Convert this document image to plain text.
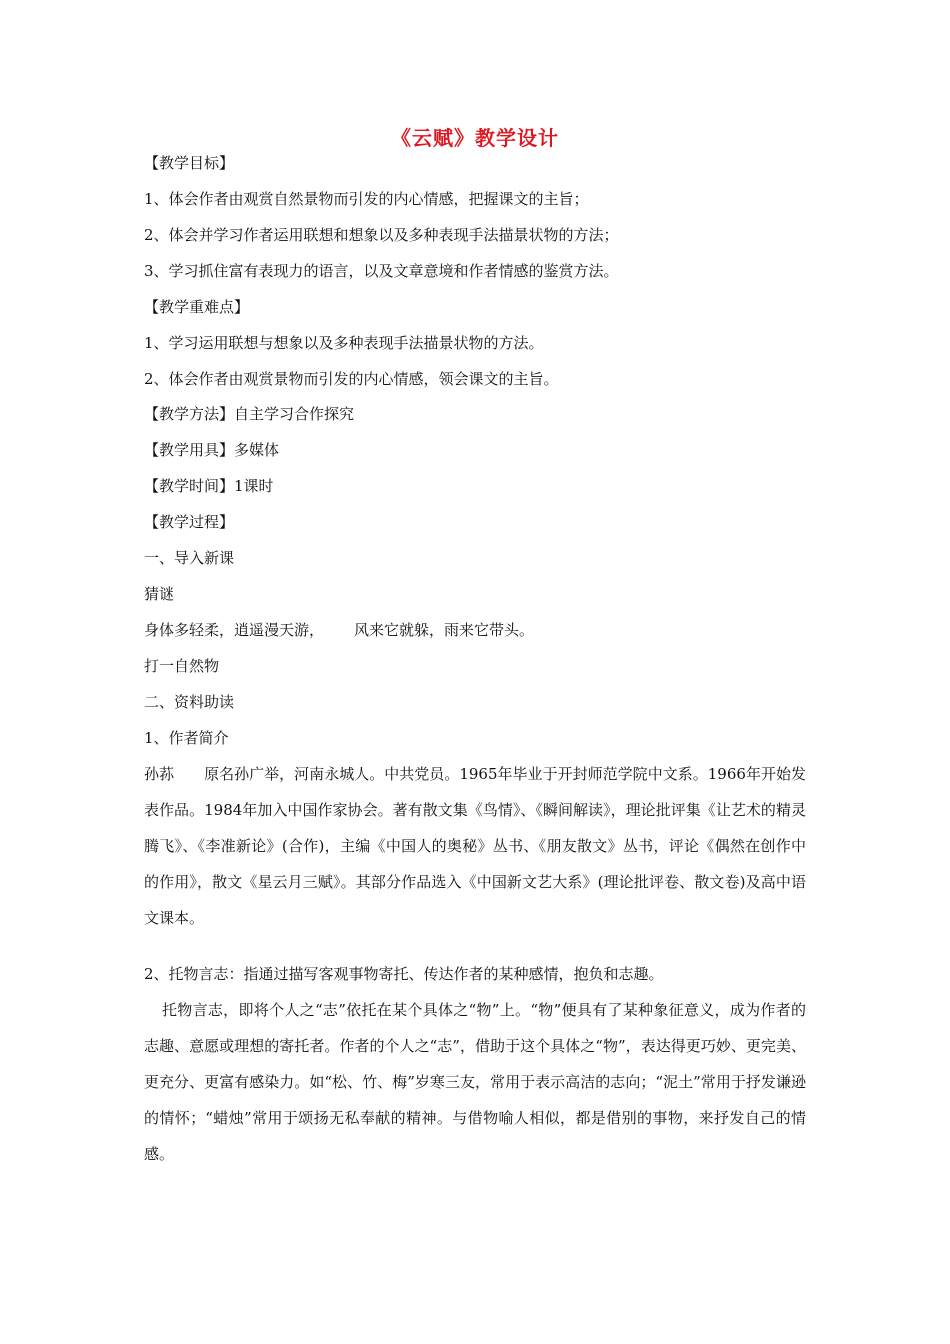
《云赋》教学设计
【教学目标】
1、体会作者由观赏自然景物而引发的内心情感，把握课文的主旨；
2、体会并学习作者运用联想和想象以及多种表现手法描景状物的方法；
3、学习抓住富有表现力的语言，以及文章意境和作者情感的鉴赏方法。
【教学重难点】
1、学习运用联想与想象以及多种表现手法描景状物的方法。
2、体会作者由观赏景物而引发的内心情感，领会课文的主旨。
【教学方法】自主学习合作探究
【教学用具】多媒体
【教学时间】1课时
【教学过程】
一、导入新课
猜谜
身体多轻柔，逍遥漫天游， 风来它就躲，雨来它带头。
打一自然物
二、资料助读
1、作者简介
孙荪 原名孙广举，河南永城人。中共党员。1965年毕业于开封师范学院中文系。1966年开始发表作品。1984年加入中国作家协会。著有散文集《鸟情》、《瞬间解读》，理论批评集《让艺术的精灵腾飞》、《李准新论》(合作)，主编《中国人的奥秘》丛书、《朋友散文》丛书，评论《偶然在创作中的作用》，散文《星云月三赋》。其部分作品选入《中国新文艺大系》(理论批评卷、散文卷)及高中语文课本。
2、托物言志：指通过描写客观事物寄托、传达作者的某种感情，抱负和志趣。
托物言志，即将个人之“志”依托在某个具体之“物”上。“物”便具有了某种象征意义，成为作者的志趣、意愿或理想的寄托者。作者的个人之“志”，借助于这个具体之“物”，表达得更巧妙、更完美、更充分、更富有感染力。如“松、竹、梅”岁寒三友，常用于表示高洁的志向；“泥土”常用于抒发谦逊的情怀；“蜡烛”常用于颂扬无私奉献的精神。与借物喻人相似，都是借别的事物，来抒发自己的情感。
